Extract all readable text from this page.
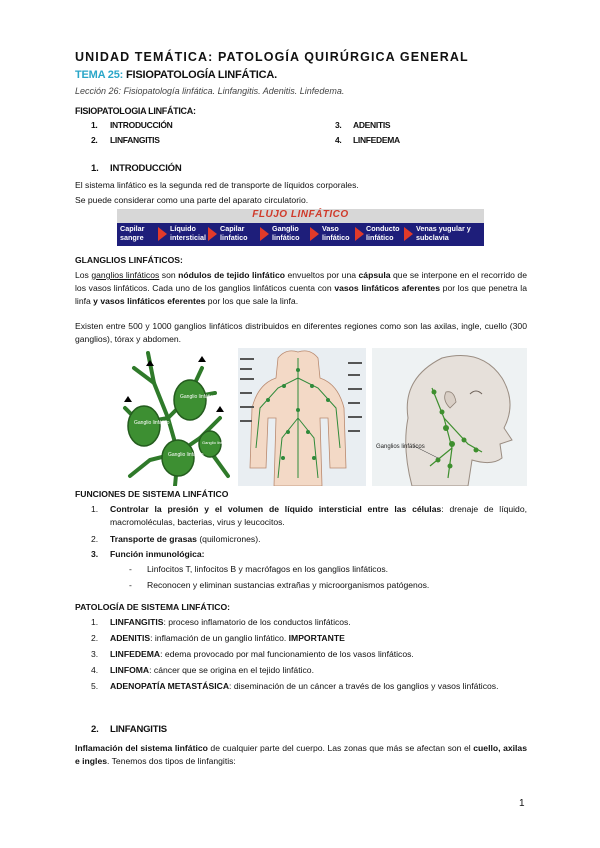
UNIDAD TEMÁTICA: PATOLOGÍA QUIRÚRGICA GENERAL
TEMA 25: FISIOPATOLOGÍA LINFÁTICA.
Lección 26: Fisiopatología linfática. Linfangitis. Adenitis. Linfedema.
FISIOPATOLOGIA LINFÁTICA:
1. INTRODUCCIÓN
2. LINFANGITIS
3. ADENITIS
4. LINFEDEMA
1. INTRODUCCIÓN
El sistema linfático es la segunda red de transporte de líquidos corporales.
Se puede considerar como una parte del aparato circulatorio.
FLUJO LINFÁTICO
Capilar
sangre
Líquido
intersticial
Capilar
linfatico
Ganglio
linfático
Vaso
linfático
Conducto
linfático
Venas yugular y
subclavia
GLANGLIOS LINFÁTICOS:
Los ganglios linfáticos son nódulos de tejido linfático envueltos por una cápsula que se interpone en el recorrido de los vasos linfáticos. Cada uno de los ganglios linfáticos cuenta con vasos linfáticos aferentes por los que penetra la linfa y vasos linfáticos eferentes por los que sale la linfa.
Existen entre 500 y 1000 ganglios linfáticos distribuidos en diferentes regiones como son las axilas, ingle, cuello (300 ganglios), tórax y abdomen.
Ganglio linfático
Ganglio linfático
Ganglio linfático
Ganglio linfático
Ganglios linfáticos
FUNCIONES DE SISTEMA LINFÁTICO
1. Controlar la presión y el volumen de líquido intersticial entre las células: drenaje de líquido, macromoléculas, bacterias, virus y leucocitos.
2. Transporte de grasas (quilomicrones).
3. Función inmunológica:
- Linfocitos T, linfocitos B y macrófagos en los ganglios linfáticos.
- Reconocen y eliminan sustancias extrañas y microorganismos patógenos.
PATOLOGÍA DE SISTEMA LINFÁTICO:
1. LINFANGITIS: proceso inflamatorio de los conductos linfáticos.
2. ADENITIS: inflamación de un ganglio linfático. IMPORTANTE
3. LINFEDEMA: edema provocado por mal funcionamiento de los vasos linfáticos.
4. LINFOMA: cáncer que se origina en el tejido linfático.
5. ADENOPATÍA METASTÁSICA: diseminación de un cáncer a través de los ganglios y vasos linfáticos.
2. LINFANGITIS
Inflamación del sistema linfático de cualquier parte del cuerpo. Las zonas que más se afectan son el cuello, axilas e ingles. Tenemos dos tipos de linfangitis:
1
